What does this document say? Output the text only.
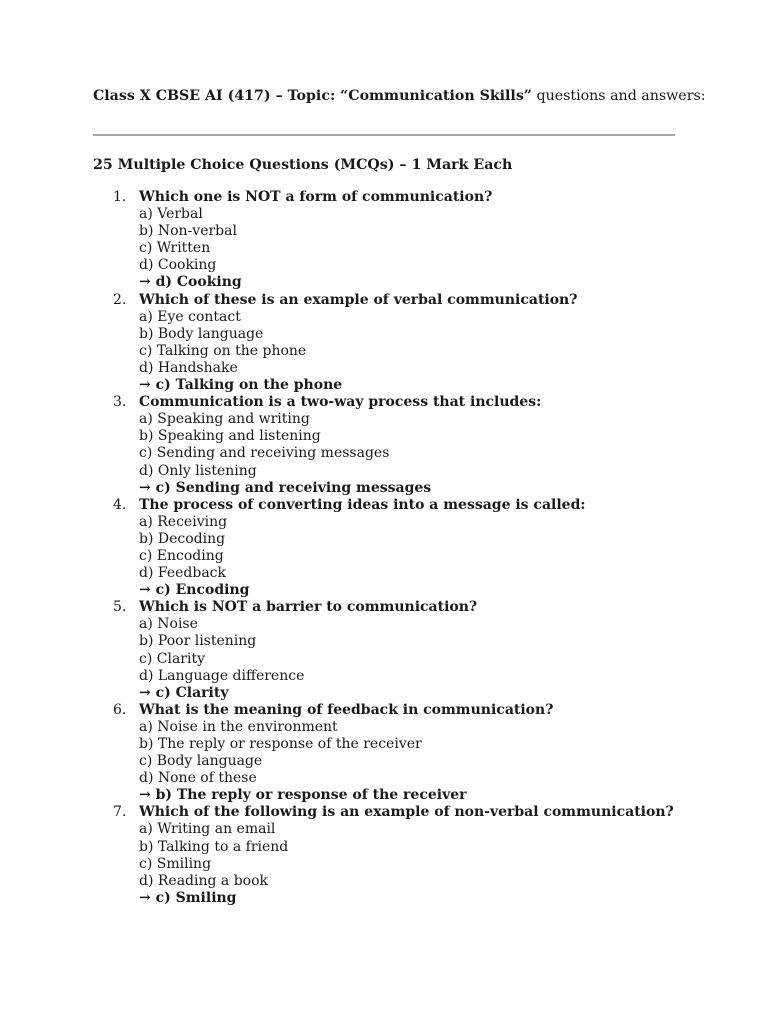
Class X CBSE AI (417) – Topic: “Communication Skills” questions and answers:
25 Multiple Choice Questions (MCQs) – 1 Mark Each
1. Which one is NOT a form of communication?
a) Verbal
b) Non-verbal
c) Written
d) Cooking
→ d) Cooking
2. Which of these is an example of verbal communication?
a) Eye contact
b) Body language
c) Talking on the phone
d) Handshake
→ c) Talking on the phone
3. Communication is a two-way process that includes:
a) Speaking and writing
b) Speaking and listening
c) Sending and receiving messages
d) Only listening
→ c) Sending and receiving messages
4. The process of converting ideas into a message is called:
a) Receiving
b) Decoding
c) Encoding
d) Feedback
→ c) Encoding
5. Which is NOT a barrier to communication?
a) Noise
b) Poor listening
c) Clarity
d) Language difference
→ c) Clarity
6. What is the meaning of feedback in communication?
a) Noise in the environment
b) The reply or response of the receiver
c) Body language
d) None of these
→ b) The reply or response of the receiver
7. Which of the following is an example of non-verbal communication?
a) Writing an email
b) Talking to a friend
c) Smiling
d) Reading a book
→ c) Smiling
